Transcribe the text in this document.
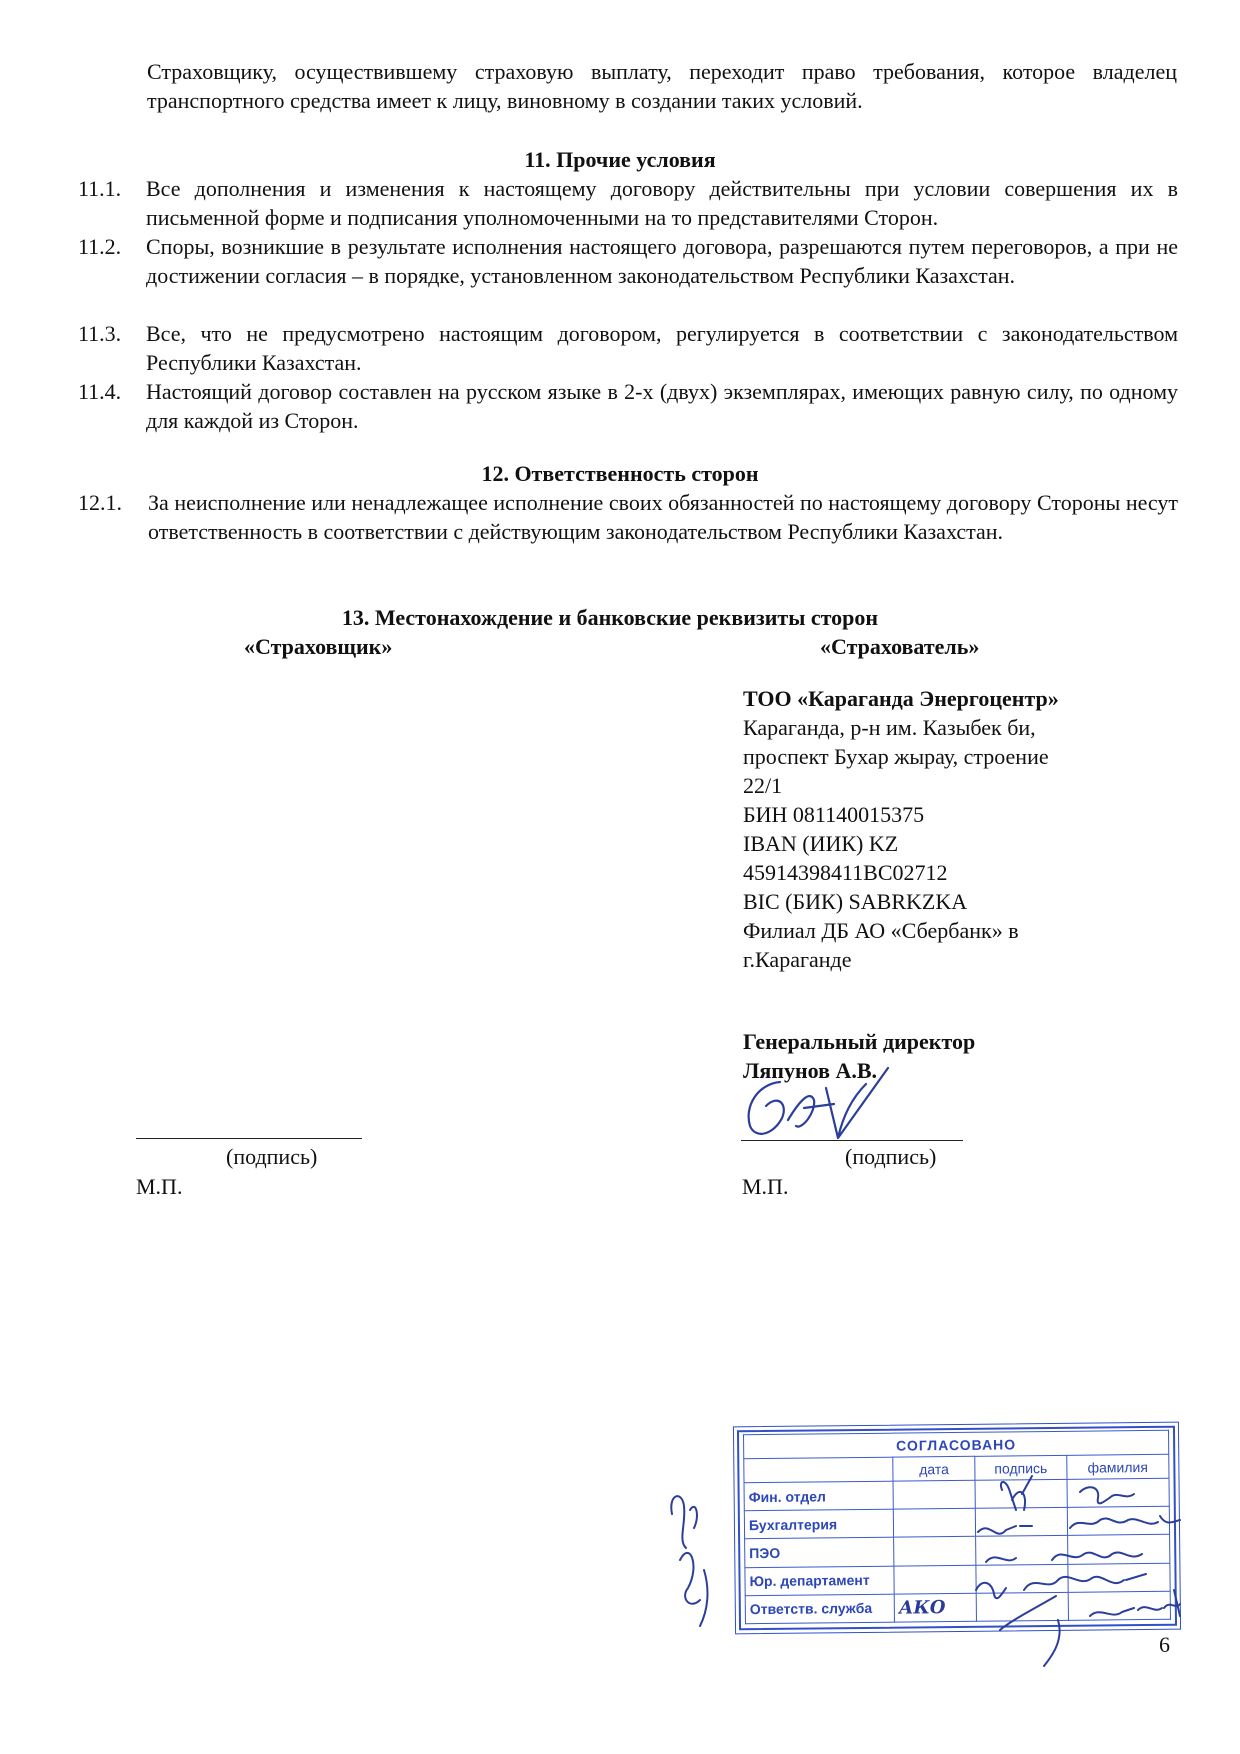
Страховщику, осуществившему страховую выплату, переходит право требования, которое владелец транспортного средства имеет к лицу, виновному в создании таких условий.
11. Прочие условия
11.1.	Все дополнения и изменения к настоящему договору действительны при условии совершения их в письменной форме и подписания уполномоченными на то представителями Сторон.
11.2.	Споры, возникшие в результате исполнения настоящего договора, разрешаются путем переговоров, а при не достижении согласия – в порядке, установленном законодательством Республики Казахстан.
11.3.	Все, что не предусмотрено настоящим договором, регулируется в соответствии с законодательством Республики Казахстан.
11.4.	Настоящий договор составлен на русском языке в 2-х (двух) экземплярах, имеющих равную силу, по одному для каждой из Сторон.
12. Ответственность сторон
12.1.	За неисполнение или ненадлежащее исполнение своих обязанностей по настоящему договору Стороны несут ответственность в соответствии с действующим законодательством Республики Казахстан.
13. Местонахождение и банковские реквизиты сторон
«Страховщик»	«Страхователь»
ТОО «Караганда Энергоцентр»
Караганда, р-н им. Казыбек би,
проспект Бухар жырау, строение
22/1
БИН 081140015375
IBAN (ИИК) KZ
45914398411BC02712
BIC (БИК) SABRKZKA
Филиал ДБ АО «Сбербанк» в
г.Караганде
Генеральный директор
Ляпунов А.В.
(подпись)
М.П.
(подпись)
М.П.
СОГЛАСОВАНО			
	дата	подпись	фамилия
Фин. отдел			
Бухгалтерия			
ПЭО			
Юр. департамент			
Ответств. служба	АКО		
6
